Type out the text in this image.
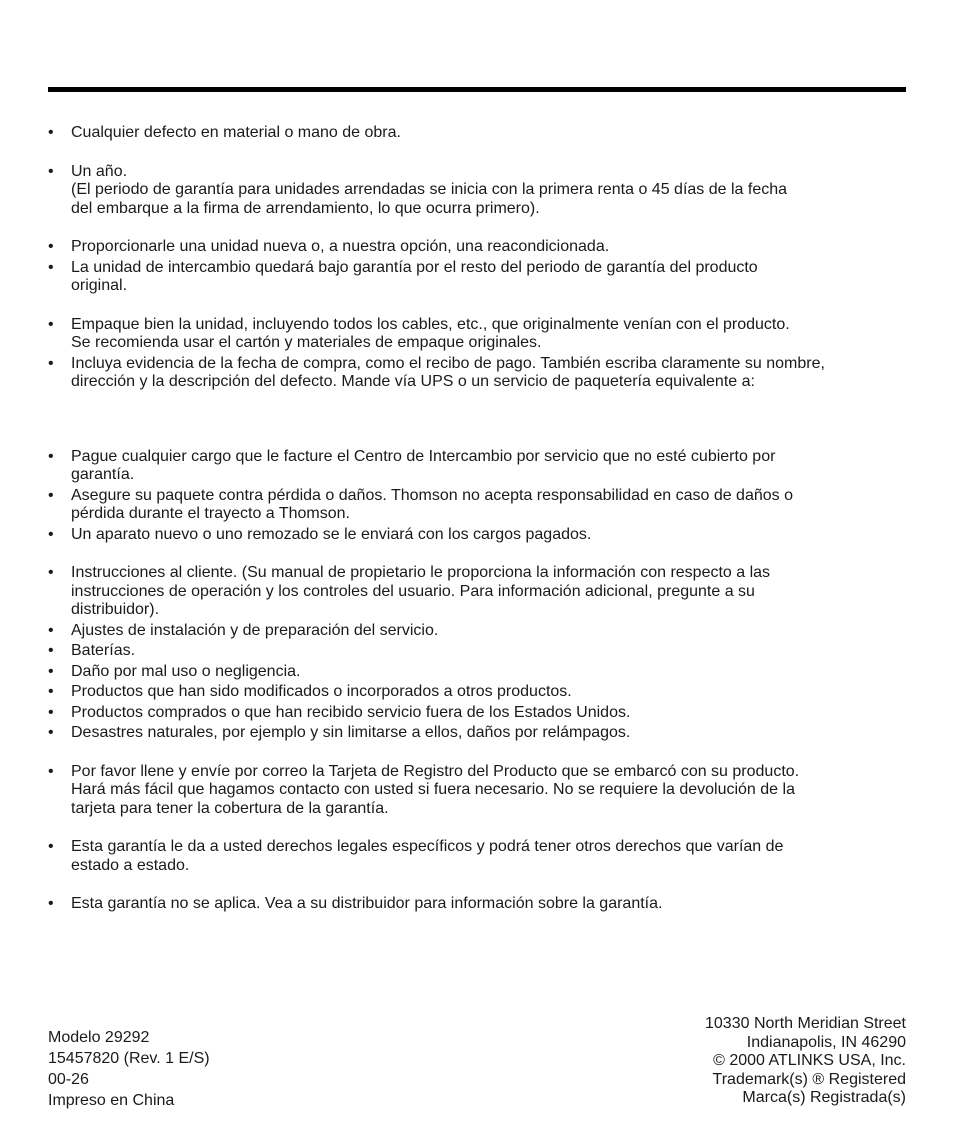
• Cualquier defecto en material o mano de obra.
• Un año.
(El periodo de garantía para unidades arrendadas se inicia con la primera renta o 45 días de la fecha
del embarque a la firma de arrendamiento, lo que ocurra primero).
• Proporcionarle una unidad nueva o, a nuestra opción, una reacondicionada.
• La unidad de intercambio quedará bajo garantía por el resto del periodo de garantía del producto
original.
• Empaque bien la unidad, incluyendo todos los cables, etc., que originalmente venían con el producto.
Se recomienda usar el cartón y materiales de empaque originales.
• Incluya evidencia de la fecha de compra, como el recibo de pago. También escriba claramente su nombre,
dirección y la descripción del defecto. Mande vía UPS o un servicio de paquetería equivalente a:
• Pague cualquier cargo que le facture el Centro de Intercambio por servicio que no esté cubierto por
garantía.
• Asegure su paquete contra pérdida o daños. Thomson no acepta responsabilidad en caso de daños o
pérdida durante el trayecto a Thomson.
• Un aparato nuevo o uno remozado se le enviará con los cargos pagados.
• Instrucciones al cliente. (Su manual de propietario le proporciona la información con respecto a las
instrucciones de operación y los controles del usuario. Para información adicional, pregunte a su
distribuidor).
• Ajustes de instalación y de preparación del servicio.
• Baterías.
• Daño por mal uso o negligencia.
• Productos que han sido modificados o incorporados a otros productos.
• Productos comprados o que han recibido servicio fuera de los Estados Unidos.
• Desastres naturales, por ejemplo y sin limitarse a ellos, daños por relámpagos.
• Por favor llene y envíe por correo la Tarjeta de Registro del Producto que se embarcó con su producto.
Hará más fácil que hagamos contacto con usted si fuera necesario. No se requiere la devolución de la
tarjeta para tener la cobertura de la garantía.
• Esta garantía le da a usted derechos legales específicos y podrá tener otros derechos que varían de
estado a estado.
• Esta garantía no se aplica. Vea a su distribuidor para información sobre la garantía.
Modelo 29292
15457820 (Rev. 1 E/S)
00-26
Impreso en China
10330 North Meridian Street
Indianapolis, IN 46290
© 2000 ATLINKS USA, Inc.
Trademark(s) ® Registered
Marca(s) Registrada(s)
